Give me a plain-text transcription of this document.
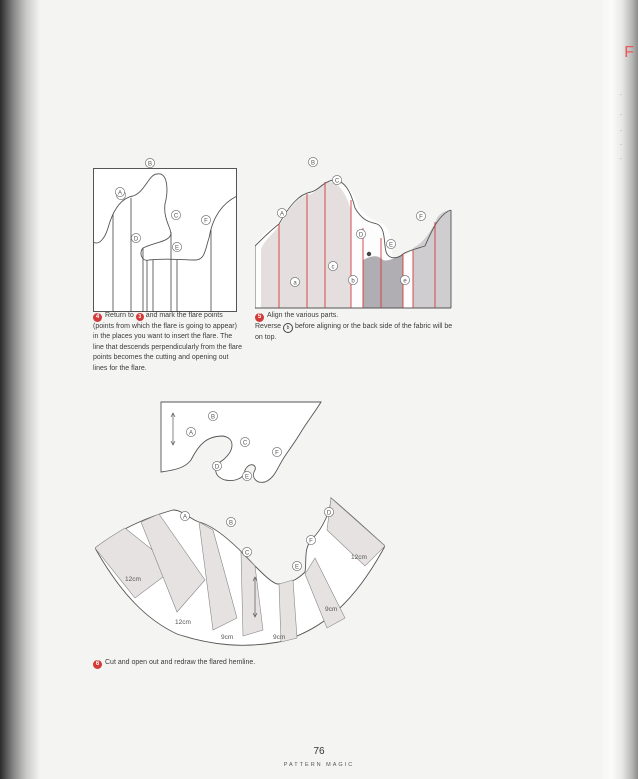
F
·
·
·
·
·
A
C
D
E
F
B
A
B
C
D
E
F
a
c
b	e
4 Return to 3 and mark the flare points (points from which the flare is going to appear) in the places you want to insert the flare. The line that descends perpendicularly from the flare points becomes the cutting and opening out lines for the flare.
5 Align the various parts.
Reverse b before aligning or the back side of the fabric will be on top.
B
A
C
F
D
E
A
B
C
F
E
D
12cm
12cm
12cm
9cm	9cm
9cm
6 Cut and open out and redraw the flared hemline.
76
PATTERN MAGIC
